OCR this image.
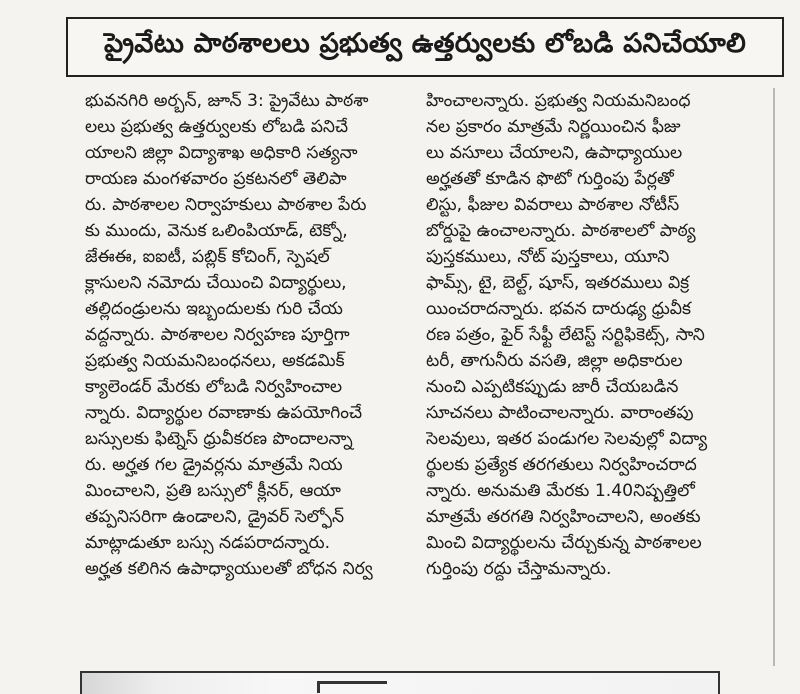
ప్రైవేటు పాఠశాలలు ప్రభుత్వ ఉత్తర్వులకు లోబడి పనిచేయాలి
భువనగిరి అర్బన్, జూన్ 3: ప్రైవేటు పాఠశా
లలు ప్రభుత్వ ఉత్తర్వులకు లోబడి పనిచే
యాలని జిల్లా విద్యాశాఖ అధికారి సత్యనా
రాయణ మంగళవారం ప్రకటనలో తెలిపా
రు. పాఠశాలల నిర్వాహకులు పాఠశాల పేరు
కు ముందు, వెనుక ఒలింపియాడ్, టెక్నో,
జేఈఈ, ఐఐటీ, పబ్లిక్ కోచింగ్, స్పెషల్
క్లాసులని నమోదు చేయించి విద్యార్థులు,
తల్లిదండ్రులను ఇబ్బందులకు గురి చేయ
వద్దన్నారు. పాఠశాలల నిర్వహణ పూర్తిగా
ప్రభుత్వ నియమనిబంధనలు, అకడమిక్
క్యాలెండర్ మేరకు లోబడి నిర్వహించాల
న్నారు. విద్యార్థుల రవాణాకు ఉపయోగించే
బస్సులకు ఫిట్నెస్ ధ్రువీకరణ పొందాలన్నా
రు. అర్హత గల డ్రైవర్లను మాత్రమే నియ
మించాలని, ప్రతి బస్సులో క్లీనర్, ఆయా
తప్పనిసరిగా ఉండాలని, డ్రైవర్ సెల్ఫోన్
మాట్లాడుతూ బస్సు నడపరాదన్నారు.
అర్హత కలిగిన ఉపాధ్యాయులతో బోధన నిర్వ
హించాలన్నారు. ప్రభుత్వ నియమనిబంధ
నల ప్రకారం మాత్రమే నిర్ణయించిన ఫీజు
లు వసూలు చేయాలని, ఉపాధ్యాయుల
అర్హతతో కూడిన ఫొటో గుర్తింపు పేర్లతో
లిస్టు, ఫీజుల వివరాలు పాఠశాల నోటీస్
బోర్డుపై ఉంచాలన్నారు. పాఠశాలలో పాఠ్య
పుస్తకములు, నోట్ పుస్తకాలు, యూని
ఫామ్స్, టై, బెల్ట్, షూస్, ఇతరములు విక్ర
యించరాదన్నారు. భవన దారుఢ్య ధ్రువీక
రణ పత్రం, ఫైర్ సేఫ్టీ లేటెస్ట్ సర్టిఫికెట్స్, సాని
టరీ, తాగునీరు వసతి, జిల్లా అధికారుల
నుంచి ఎప్పటికప్పుడు జారీ చేయబడిన
సూచనలు పాటించాలన్నారు. వారాంతపు
సెలవులు, ఇతర పండుగల సెలవుల్లో విద్యా
ర్థులకు ప్రత్యేక తరగతులు నిర్వహించరాద
న్నారు. అనుమతి మేరకు 1.40నిష్పత్తిలో
మాత్రమే తరగతి నిర్వహించాలని, అంతకు
మించి విద్యార్థులను చేర్చుకున్న పాఠశాలల
గుర్తింపు రద్దు చేస్తామన్నారు.
